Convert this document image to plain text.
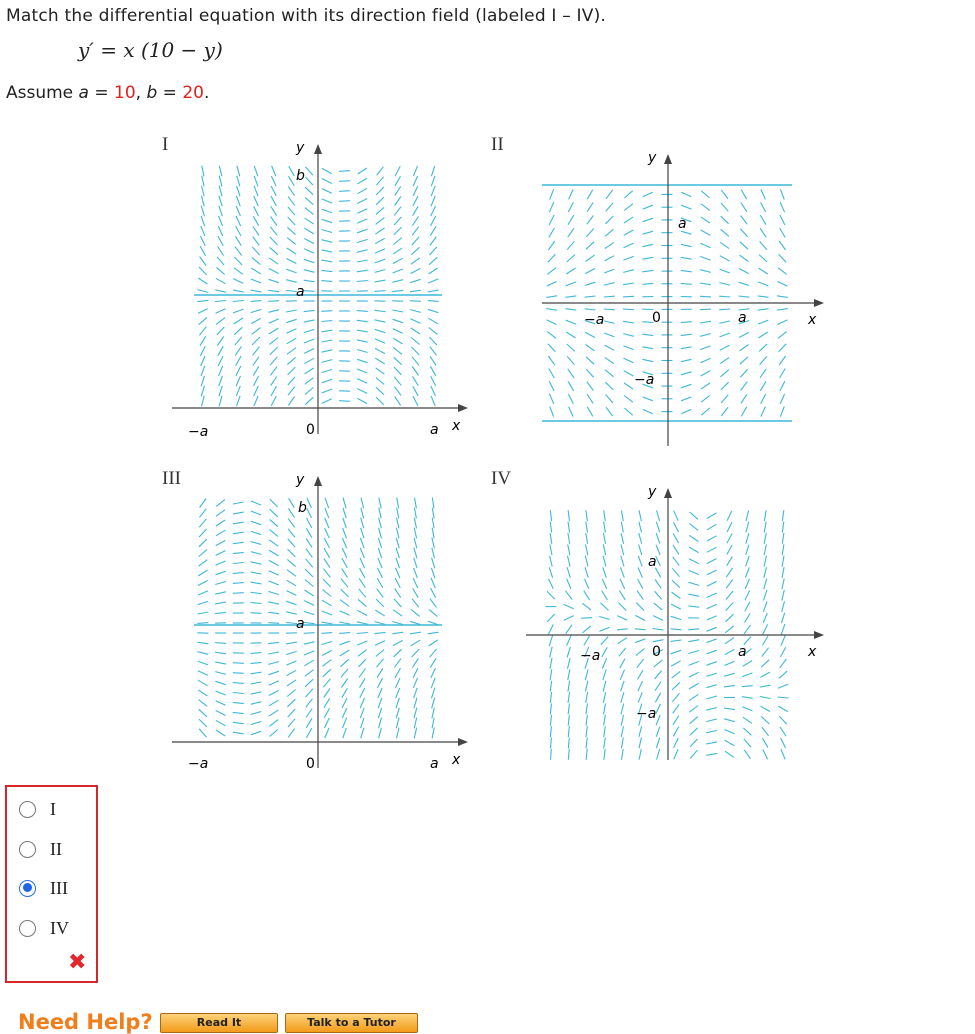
Match the differential equation with its direction field (labeled I – IV).
y′ = x (10 − y)
Assume a = 10, b = 20.
I	II
III	IV
y
b
a
−a	0	a x
y
a
−a
0
−a	a	x
y
b
a
−a	0	a x
y
a
−a
0
−a	a	x
I
II
III
IV
✖
Need Help?	Read It	Talk to a Tutor
